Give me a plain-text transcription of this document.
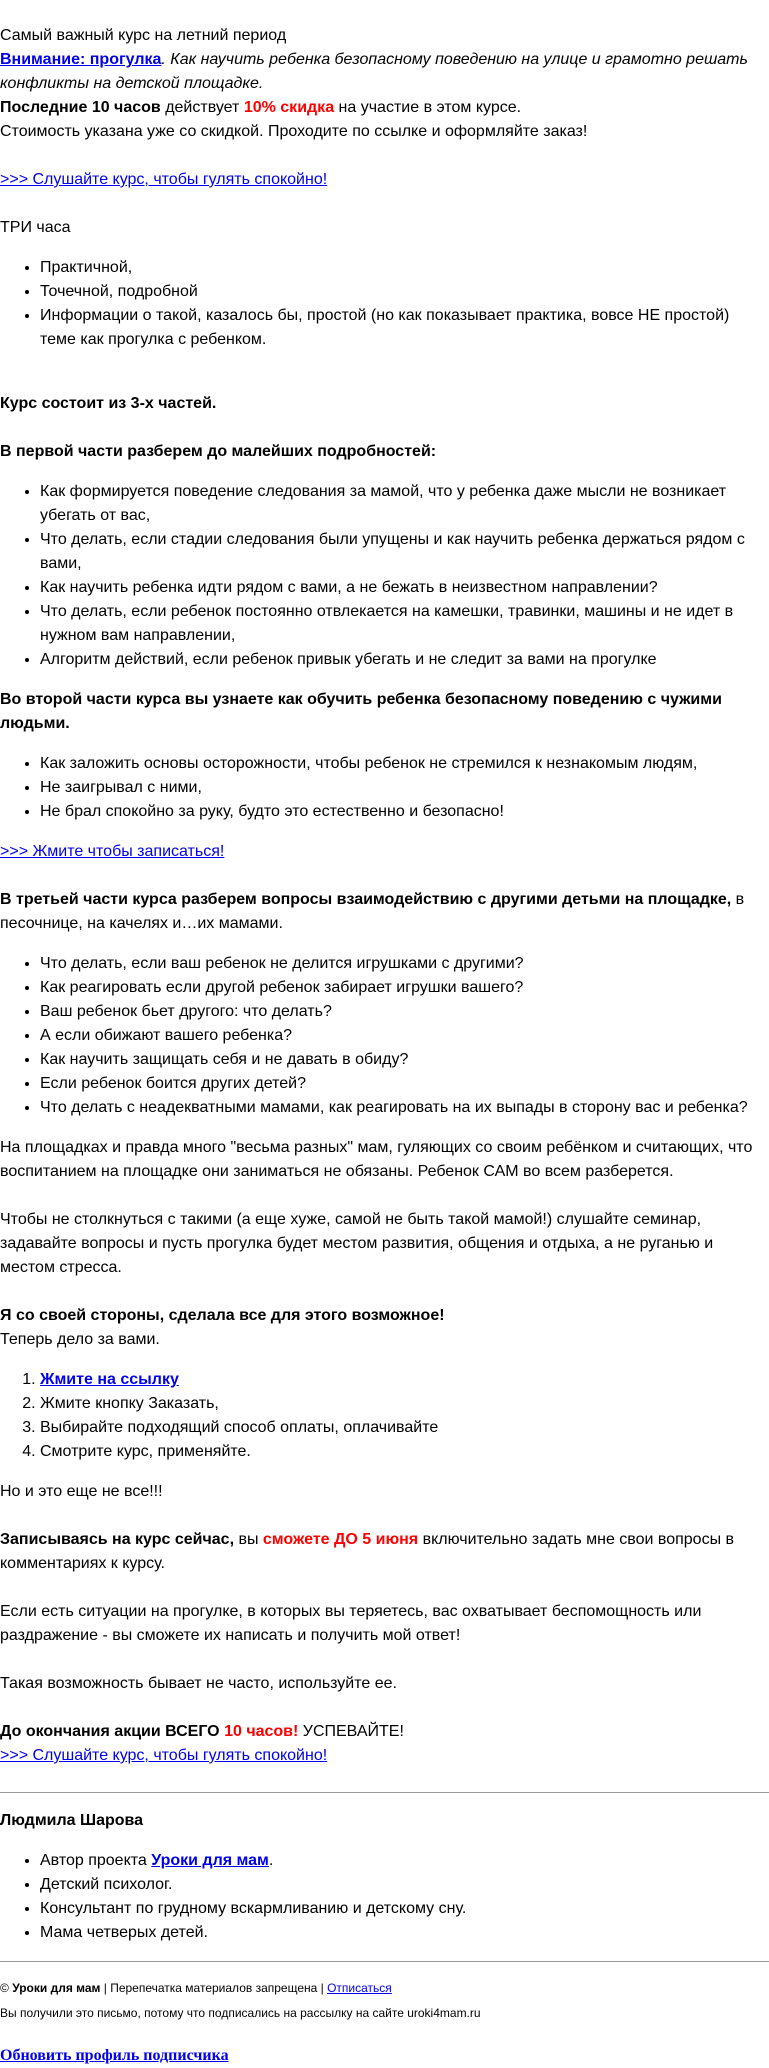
Самый важный курс на летний период

Внимание: прогулка. Как научить ребенка безопасному поведению на улице и грамотно решать конфликты на детской площадке.

Последние 10 часов действует 10% скидка на участие в этом курсе.

Стоимость указана уже со скидкой. Проходите по ссылке и оформляйте заказ!

>>> Слушайте курс, чтобы гулять спокойно!

ТРИ часа

• Практичной,
• Точечной, подробной
• Информации о такой, казалось бы, простой (но как показывает практика, вовсе НЕ простой) теме как прогулка с ребенком.

Курс состоит из 3-х частей.

В первой части разберем до малейших подробностей:

• Как формируется поведение следования за мамой, что у ребенка даже мысли не возникает убегать от вас,
• Что делать, если стадии следования были упущены и как научить ребенка держаться рядом с вами,
• Как научить ребенка идти рядом с вами, а не бежать в неизвестном направлении?
• Что делать, если ребенок постоянно отвлекается на камешки, травинки, машины и не идет в нужном вам направлении,
• Алгоритм действий, если ребенок привык убегать и не следит за вами на прогулке

Во второй части курса вы узнаете как обучить ребенка безопасному поведению с чужими людьми.

• Как заложить основы осторожности, чтобы ребенок не стремился к незнакомым людям,
• Не заигрывал с ними,
• Не брал спокойно за руку, будто это естественно и безопасно!

>>> Жмите чтобы записаться!

В третьей части курса разберем вопросы взаимодействию с другими детьми на площадке, в песочнице, на качелях и…их мамами.

• Что делать, если ваш ребенок не делится игрушками с другими?
• Как реагировать если другой ребенок забирает игрушки вашего?
• Ваш ребенок бьет другого: что делать?
• А если обижают вашего ребенка?
• Как научить защищать себя и не давать в обиду?
• Если ребенок боится других детей?
• Что делать с неадекватными мамами, как реагировать на их выпады в сторону вас и ребенка?

На площадках и правда много "весьма разных" мам, гуляющих со своим ребёнком и считающих, что воспитанием на площадке они заниматься не обязаны. Ребенок САМ во всем разберется.

Чтобы не столкнуться с такими (а еще хуже, самой не быть такой мамой!) слушайте семинар, задавайте вопросы и пусть прогулка будет местом развития, общения и отдыха, а не руганью и местом стресса.

Я со своей стороны, сделала все для этого возможное!

Теперь дело за вами.

1. Жмите на ссылку
2. Жмите кнопку Заказать,
3. Выбирайте подходящий способ оплаты, оплачивайте
4. Смотрите курс, применяйте.

Но и это еще не все!!!

Записываясь на курс сейчас, вы сможете ДО 5 июня включительно задать мне свои вопросы в комментариях к курсу.

Если есть ситуации на прогулке, в которых вы теряетесь, вас охватывает беспомощность или раздражение - вы сможете их написать и получить мой ответ!

Такая возможность бывает не часто, используйте ее.

До окончания акции ВСЕГО 10 часов! УСПЕВАЙТЕ!

>>> Слушайте курс, чтобы гулять спокойно!

Людмила Шарова

• Автор проекта Уроки для мам.
• Детский психолог.
• Консультант по грудному вскармливанию и детскому сну.
• Мама четверых детей.

© Уроки для мам | Перепечатка материалов запрещена | Отписаться

Вы получили это письмо, потому что подписались на рассылку на сайте uroki4mam.ru

Обновить профиль подписчика
